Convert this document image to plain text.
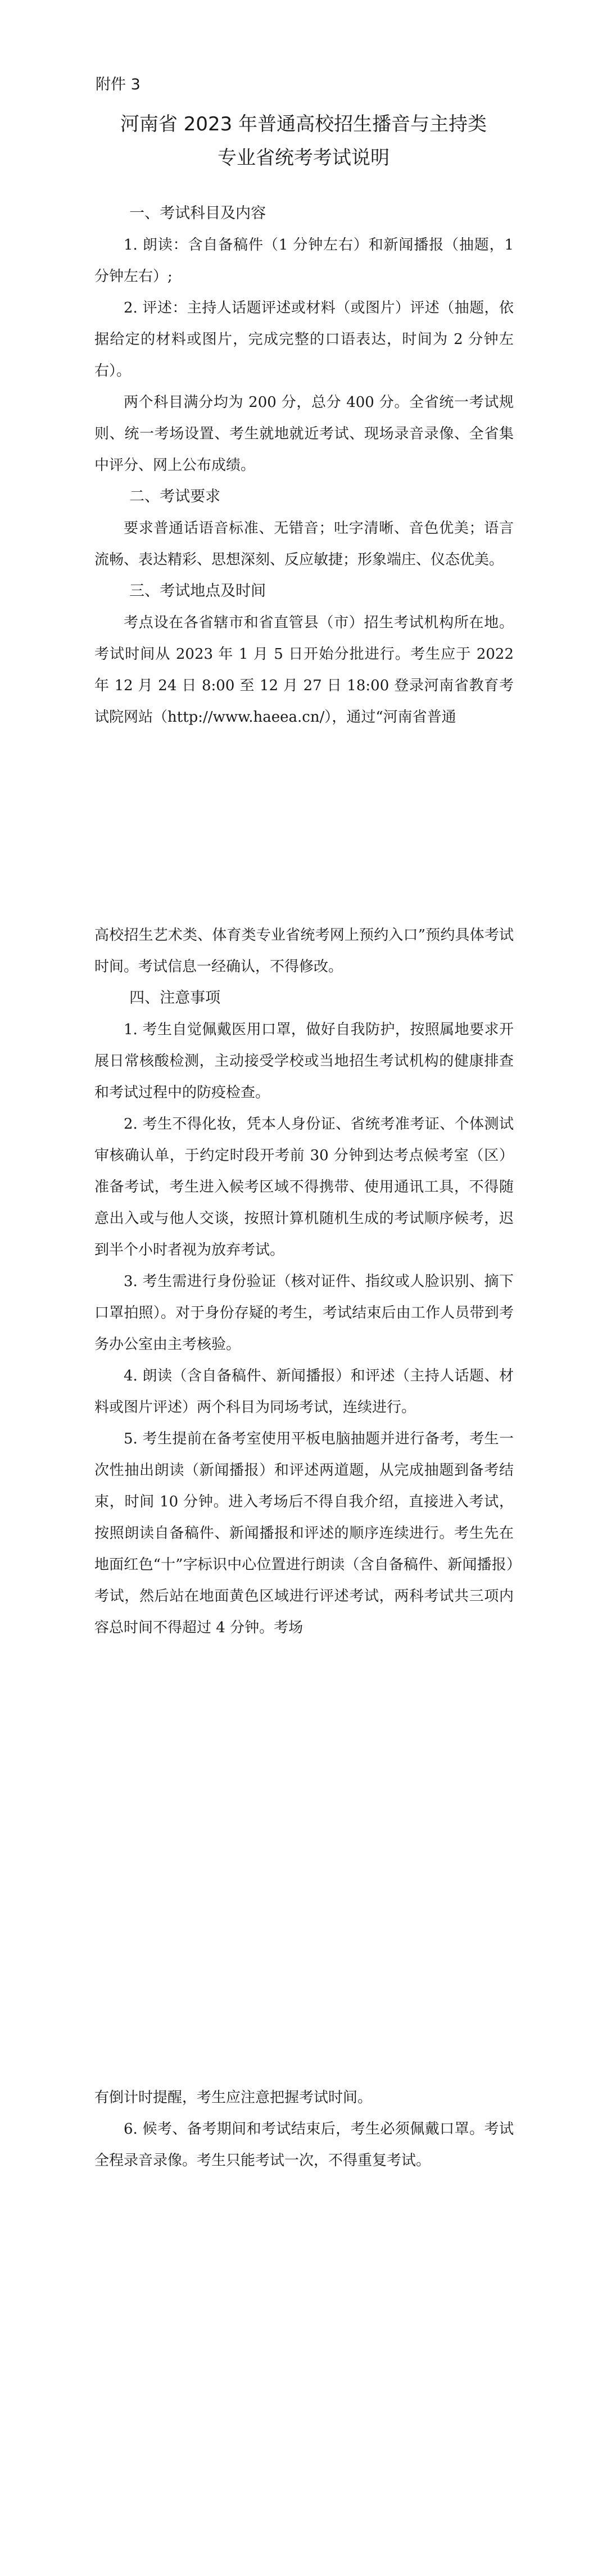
附件 3
河南省 2023 年普通高校招生播音与主持类
专业省统考考试说明

一、考试科目及内容

1. 朗读：含自备稿件（1 分钟左右）和新闻播报（抽题，1 分钟左右）;

2. 评述：主持人话题评述或材料（或图片）评述（抽题，依据给定的材料或图片，完成完整的口语表达，时间为 2 分钟左右）。

两个科目满分均为 200 分，总分 400 分。全省统一考试规则、统一考场设置、考生就地就近考试、现场录音录像、全省集中评分、网上公布成绩。

二、考试要求

要求普通话语音标准、无错音；吐字清晰、音色优美；语言流畅、表达精彩、思想深刻、反应敏捷；形象端庄、仪态优美。

三、考试地点及时间

考点设在各省辖市和省直管县（市）招生考试机构所在地。考试时间从 2023 年 1 月 5 日开始分批进行。考生应于 2022 年 12 月 24 日 8:00 至 12 月 27 日 18:00 登录河南省教育考试院网站（http://www.haeea.cn/），通过“河南省普通

高校招生艺术类、体育类专业省统考网上预约入口”预约具体考试时间。考试信息一经确认，不得修改。

四、注意事项

1. 考生自觉佩戴医用口罩，做好自我防护，按照属地要求开展日常核酸检测，主动接受学校或当地招生考试机构的健康排查和考试过程中的防疫检查。

2. 考生不得化妆，凭本人身份证、省统考准考证、个体测试审核确认单，于约定时段开考前 30 分钟到达考点候考室（区）准备考试，考生进入候考区域不得携带、使用通讯工具，不得随意出入或与他人交谈，按照计算机随机生成的考试顺序候考，迟到半个小时者视为放弃考试。

3. 考生需进行身份验证（核对证件、指纹或人脸识别、摘下口罩拍照）。对于身份存疑的考生，考试结束后由工作人员带到考务办公室由主考核验。

4. 朗读（含自备稿件、新闻播报）和评述（主持人话题、材料或图片评述）两个科目为同场考试，连续进行。

5. 考生提前在备考室使用平板电脑抽题并进行备考，考生一次性抽出朗读（新闻播报）和评述两道题，从完成抽题到备考结束，时间 10 分钟。进入考场后不得自我介绍，直接进入考试，按照朗读自备稿件、新闻播报和评述的顺序连续进行。考生先在地面红色“十”字标识中心位置进行朗读（含自备稿件、新闻播报）考试，然后站在地面黄色区域进行评述考试，两科考试共三项内容总时间不得超过 4 分钟。考场

有倒计时提醒，考生应注意把握考试时间。

6. 候考、备考期间和考试结束后，考生必须佩戴口罩。考试全程录音录像。考生只能考试一次，不得重复考试。
